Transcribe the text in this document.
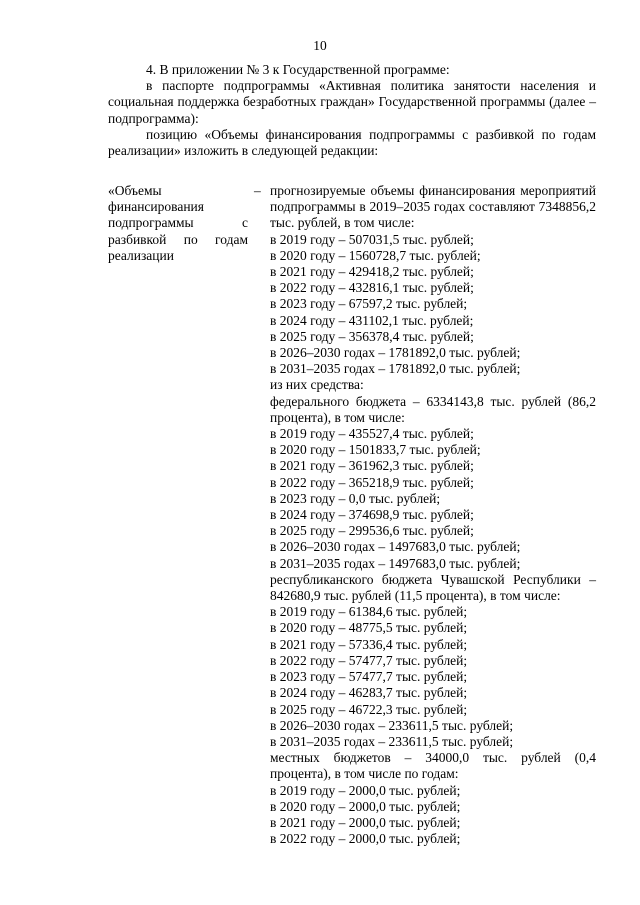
10

4. В приложении № 3 к Государственной программе:

в паспорте подпрограммы «Активная политика занятости населения и социальная поддержка безработных граждан» Государственной программы (далее – подпрограмма):

позицию «Объемы финансирования подпрограммы с разбивкой по годам реализации» изложить в следующей редакции:

«Объемы финансирования подпрограммы с разбивкой по годам реализации
– прогнозируемые объемы финансирования мероприятий подпрограммы в 2019–2035 годах составляют 7348856,2 тыс. рублей, в том числе:
в 2019 году – 507031,5 тыс. рублей;
в 2020 году – 1560728,7 тыс. рублей;
в 2021 году – 429418,2 тыс. рублей;
в 2022 году – 432816,1 тыс. рублей;
в 2023 году – 67597,2 тыс. рублей;
в 2024 году – 431102,1 тыс. рублей;
в 2025 году – 356378,4 тыс. рублей;
в 2026–2030 годах – 1781892,0 тыс. рублей;
в 2031–2035 годах – 1781892,0 тыс. рублей;
из них средства:
федерального бюджета – 6334143,8 тыс. рублей (86,2 процента), в том числе:
в 2019 году – 435527,4 тыс. рублей;
в 2020 году – 1501833,7 тыс. рублей;
в 2021 году – 361962,3 тыс. рублей;
в 2022 году – 365218,9 тыс. рублей;
в 2023 году – 0,0 тыс. рублей;
в 2024 году – 374698,9 тыс. рублей;
в 2025 году – 299536,6 тыс. рублей;
в 2026–2030 годах – 1497683,0 тыс. рублей;
в 2031–2035 годах – 1497683,0 тыс. рублей;
республиканского бюджета Чувашской Республики – 842680,9 тыс. рублей (11,5 процента), в том числе:
в 2019 году – 61384,6 тыс. рублей;
в 2020 году – 48775,5 тыс. рублей;
в 2021 году – 57336,4 тыс. рублей;
в 2022 году – 57477,7 тыс. рублей;
в 2023 году – 57477,7 тыс. рублей;
в 2024 году – 46283,7 тыс. рублей;
в 2025 году – 46722,3 тыс. рублей;
в 2026–2030 годах – 233611,5 тыс. рублей;
в 2031–2035 годах – 233611,5 тыс. рублей;
местных бюджетов – 34000,0 тыс. рублей (0,4 процента), в том числе по годам:
в 2019 году – 2000,0 тыс. рублей;
в 2020 году – 2000,0 тыс. рублей;
в 2021 году – 2000,0 тыс. рублей;
в 2022 году – 2000,0 тыс. рублей;
